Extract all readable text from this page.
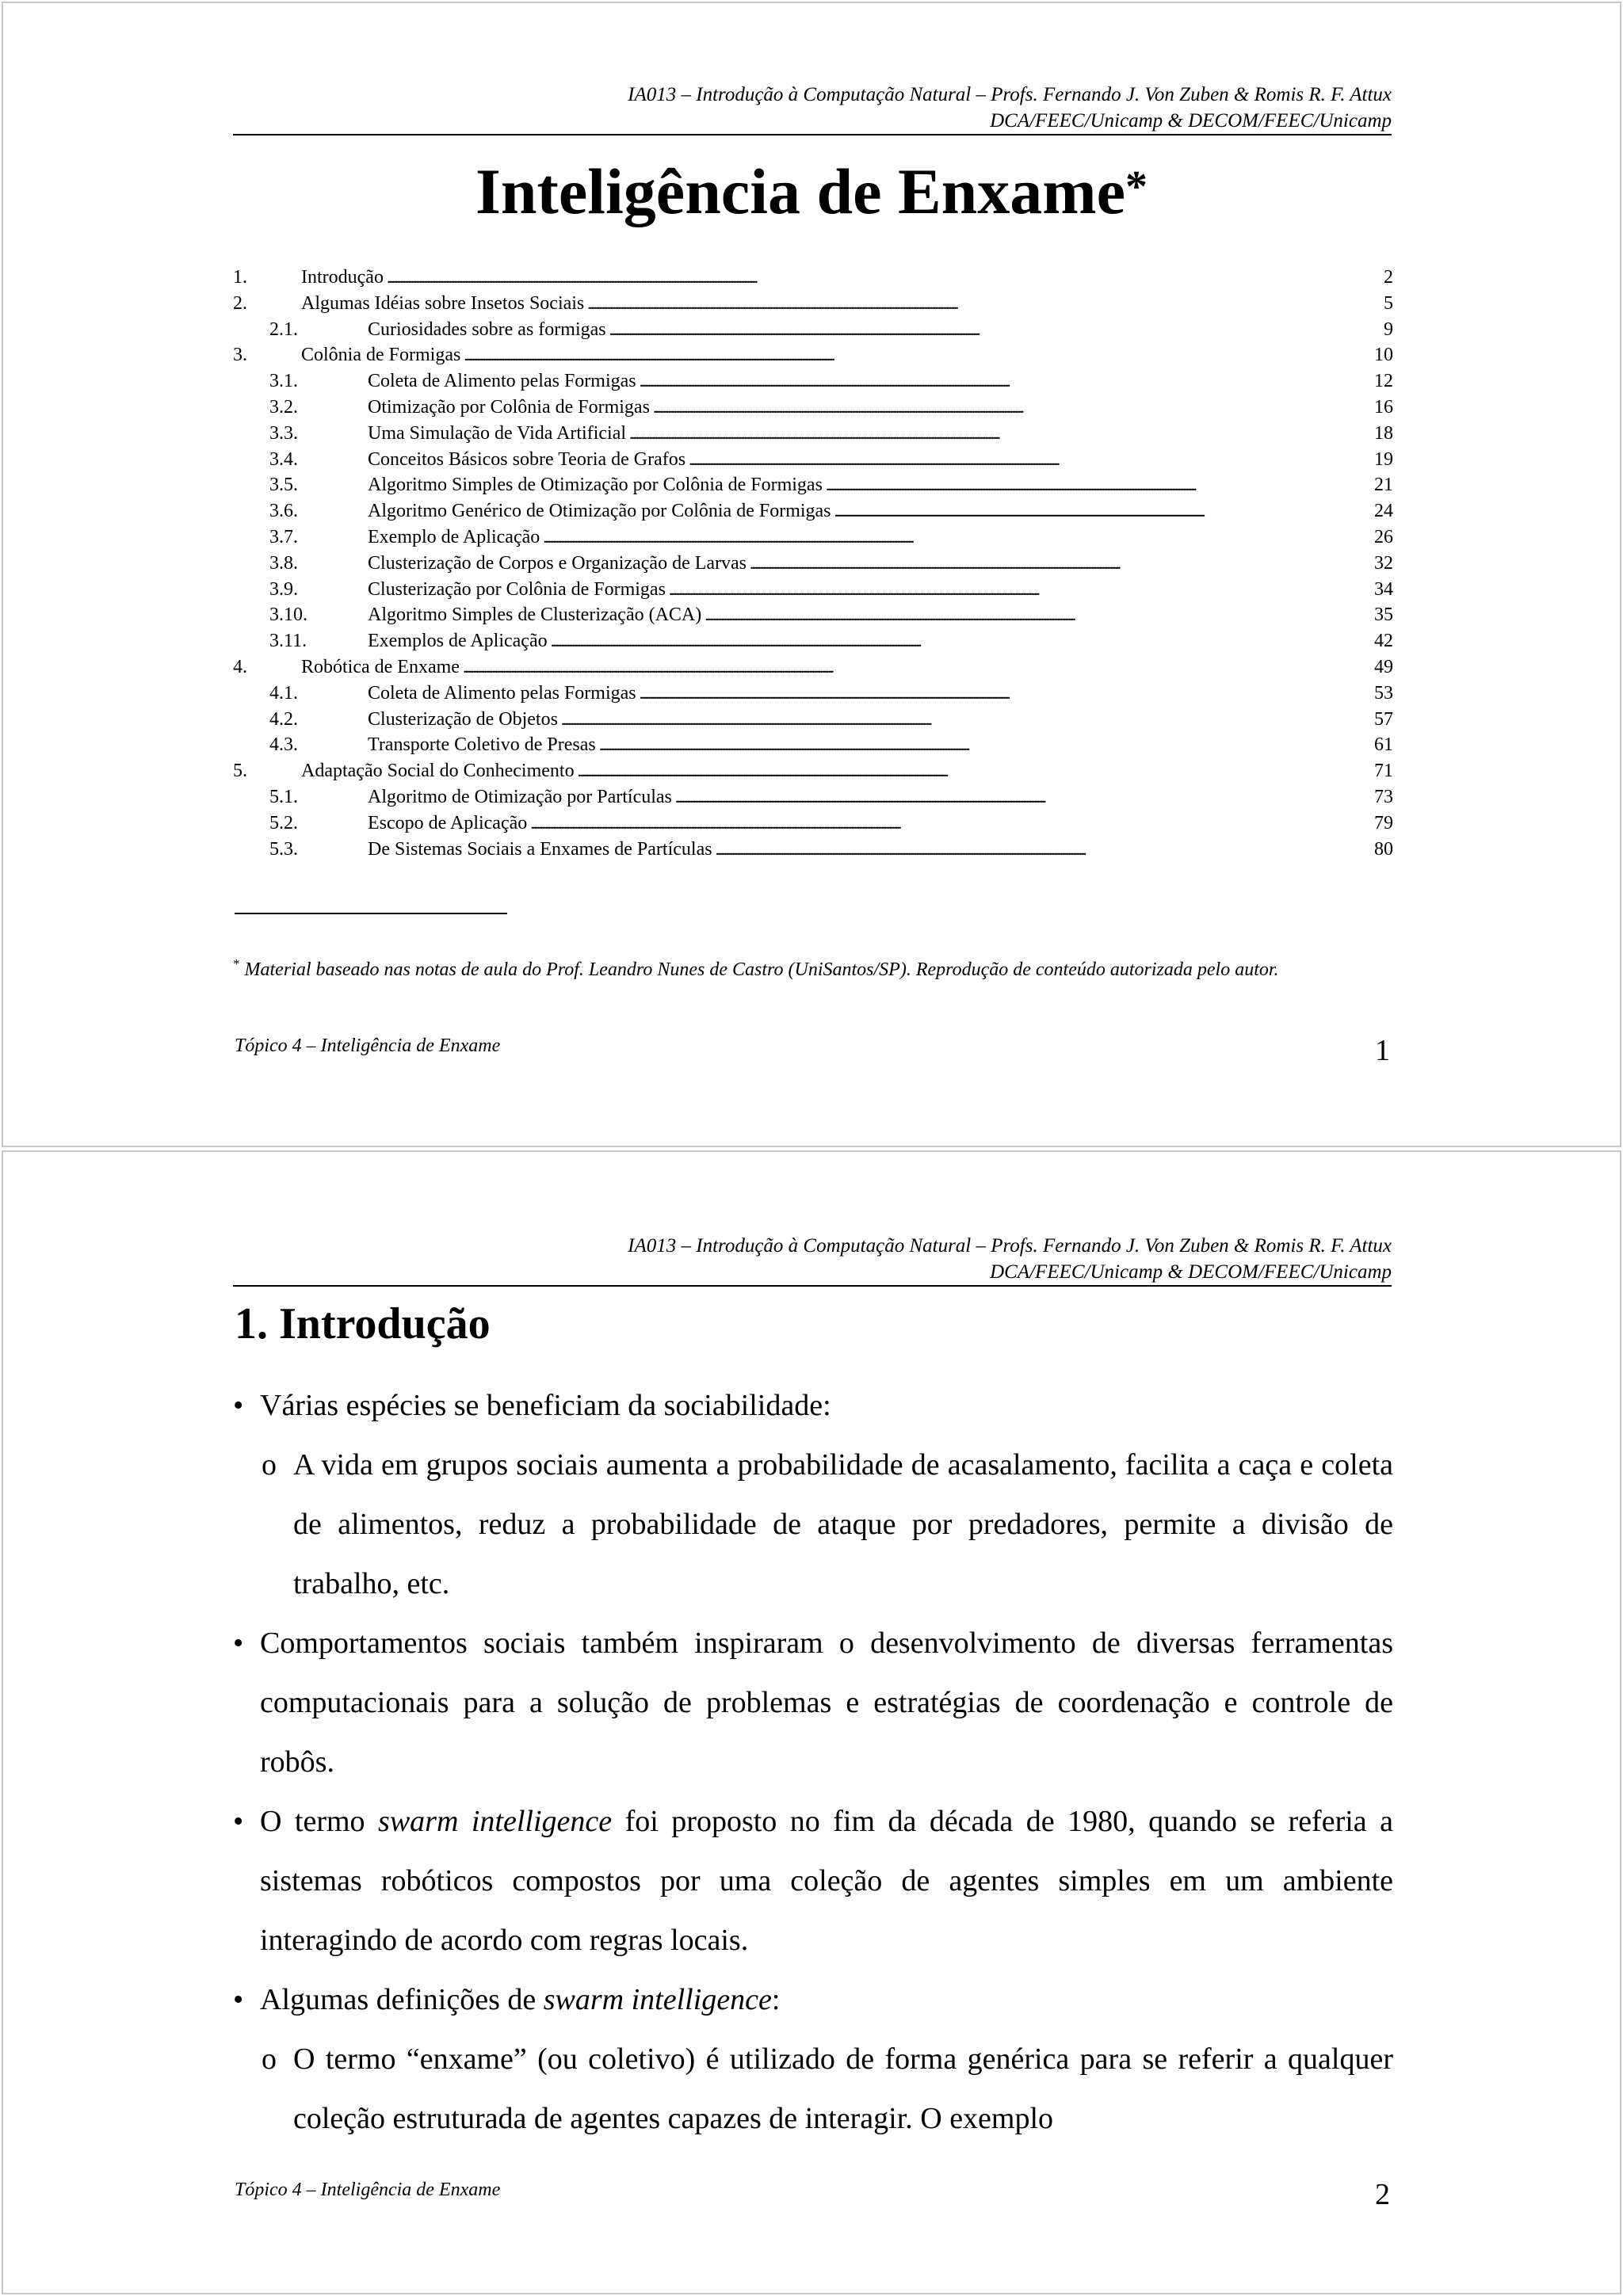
IA013 – Introdução à Computação Natural – Profs. Fernando J. Von Zuben & Romis R. F. Attux
DCA/FEEC/Unicamp & DECOM/FEEC/Unicamp
Inteligência de Enxame*
1.	Introdução . . .	2
2.	Algumas Idéias sobre Insetos Sociais . . .	5
2.1.	Curiosidades sobre as formigas . . .	9
3.	Colônia de Formigas . . .	10
3.1.	Coleta de Alimento pelas Formigas . . .	12
3.2.	Otimização por Colônia de Formigas . . .	16
3.3.	Uma Simulação de Vida Artificial . . .	18
3.4.	Conceitos Básicos sobre Teoria de Grafos . . .	19
3.5.	Algoritmo Simples de Otimização por Colônia de Formigas . . .	21
3.6.	Algoritmo Genérico de Otimização por Colônia de Formigas . . .	24
3.7.	Exemplo de Aplicação . . .	26
3.8.	Clusterização de Corpos e Organização de Larvas . . .	32
3.9.	Clusterização por Colônia de Formigas . . .	34
3.10.	Algoritmo Simples de Clusterização (ACA) . . .	35
3.11.	Exemplos de Aplicação . . .	42
4.	Robótica de Enxame . . .	49
4.1.	Coleta de Alimento pelas Formigas . . .	53
4.2.	Clusterização de Objetos . . .	57
4.3.	Transporte Coletivo de Presas . . .	61
5.	Adaptação Social do Conhecimento . . .	71
5.1.	Algoritmo de Otimização por Partículas . . .	73
5.2.	Escopo de Aplicação . . .	79
5.3.	De Sistemas Sociais a Enxames de Partículas . . .	80
* Material baseado nas notas de aula do Prof. Leandro Nunes de Castro (UniSantos/SP). Reprodução de conteúdo autorizada pelo autor.
Tópico 4 – Inteligência de Enxame	1
IA013 – Introdução à Computação Natural – Profs. Fernando J. Von Zuben & Romis R. F. Attux
DCA/FEEC/Unicamp & DECOM/FEEC/Unicamp
1. Introdução
• Várias espécies se beneficiam da sociabilidade:
o A vida em grupos sociais aumenta a probabilidade de acasalamento, facilita a caça e coleta de alimentos, reduz a probabilidade de ataque por predadores, permite a divisão de trabalho, etc.
• Comportamentos sociais também inspiraram o desenvolvimento de diversas ferramentas computacionais para a solução de problemas e estratégias de coordenação e controle de robôs.
• O termo swarm intelligence foi proposto no fim da década de 1980, quando se referia a sistemas robóticos compostos por uma coleção de agentes simples em um ambiente interagindo de acordo com regras locais.
• Algumas definições de swarm intelligence:
o O termo “enxame” (ou coletivo) é utilizado de forma genérica para se referir a qualquer coleção estruturada de agentes capazes de interagir. O exemplo
Tópico 4 – Inteligência de Enxame	2
